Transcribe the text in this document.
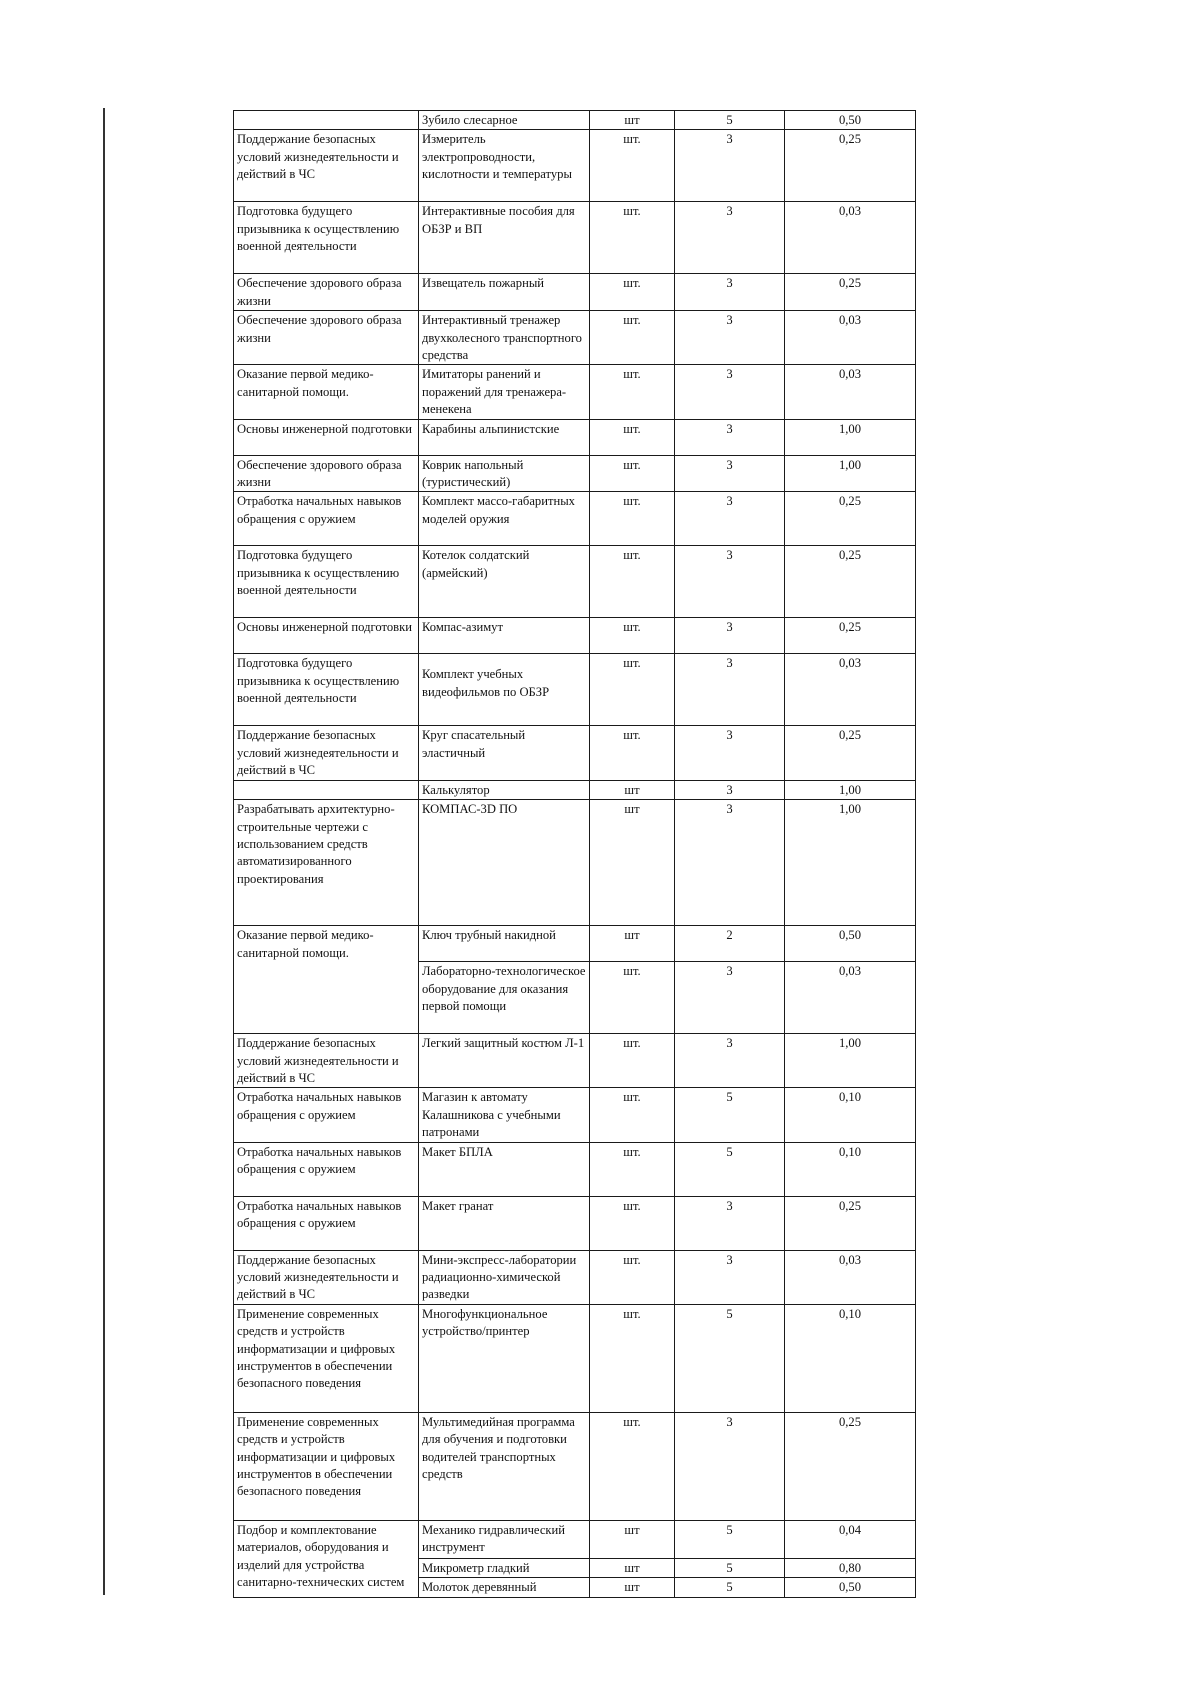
	Зубило слесарное	шт	5	0,50
Поддержание безопасных условий жизнедеятельности и действий в ЧС	Измеритель электропроводности, кислотности и температуры	шт.	3	0,25
Подготовка будущего призывника к осуществлению военной деятельности	Интерактивные пособия для ОБЗР и ВП	шт.	3	0,03
Обеспечение здорового образа жизни	Извещатель пожарный	шт.	3	0,25
Обеспечение здорового образа жизни	Интерактивный тренажер двухколесного транспортного средства	шт.	3	0,03
Оказание первой медико-санитарной помощи.	Имитаторы ранений и поражений для тренажера-менекена	шт.	3	0,03
Основы инженерной подготовки	Карабины альпинистские	шт.	3	1,00
Обеспечение здорового образа жизни	Коврик напольный (туристический)	шт.	3	1,00
Отработка начальных навыков обращения с оружием	Комплект массо-габаритных моделей оружия	шт.	3	0,25
Подготовка будущего призывника к осуществлению военной деятельности	Котелок солдатский (армейский)	шт.	3	0,25
Основы инженерной подготовки	Компас-азимут	шт.	3	0,25
Подготовка будущего призывника к осуществлению военной деятельности	Комплект учебных видеофильмов по ОБЗР	шт.	3	0,03
Поддержание безопасных условий жизнедеятельности и действий в ЧС	Круг спасательный эластичный	шт.	3	0,25
	Калькулятор	шт	3	1,00
Разрабатывать архитектурно-строительные чертежи с использованием средств автоматизированного проектирования	КОМПАС-3D ПО	шт	3	1,00
Оказание первой медико-санитарной помощи.	Ключ трубный накидной	шт	2	0,50
	Лабораторно-технологическое оборудование для оказания первой помощи	шт.	3	0,03
Поддержание безопасных условий жизнедеятельности и действий в ЧС	Легкий защитный костюм Л-1	шт.	3	1,00
Отработка начальных навыков обращения с оружием	Магазин к автомату Калашникова с учебными патронами	шт.	5	0,10
Отработка начальных навыков обращения с оружием	Макет БПЛА	шт.	5	0,10
Отработка начальных навыков обращения с оружием	Макет гранат	шт.	3	0,25
Поддержание безопасных условий жизнедеятельности и действий в ЧС	Мини-экспресс-лаборатории радиационно-химической разведки	шт.	3	0,03
Применение современных средств и устройств информатизации и цифровых инструментов в обеспечении безопасного поведения	Многофункциональное устройство/принтер	шт.	5	0,10
Применение современных средств и устройств информатизации и цифровых инструментов в обеспечении безопасного поведения	Мультимедийная программа для обучения и подготовки водителей транспортных средств	шт.	3	0,25
Подбор и комплектование материалов, оборудования и изделий для устройства санитарно-технических систем	Механико гидравлический инструмент	шт	5	0,04
	Микрометр гладкий	шт	5	0,80
	Молоток деревянный	шт	5	0,50
